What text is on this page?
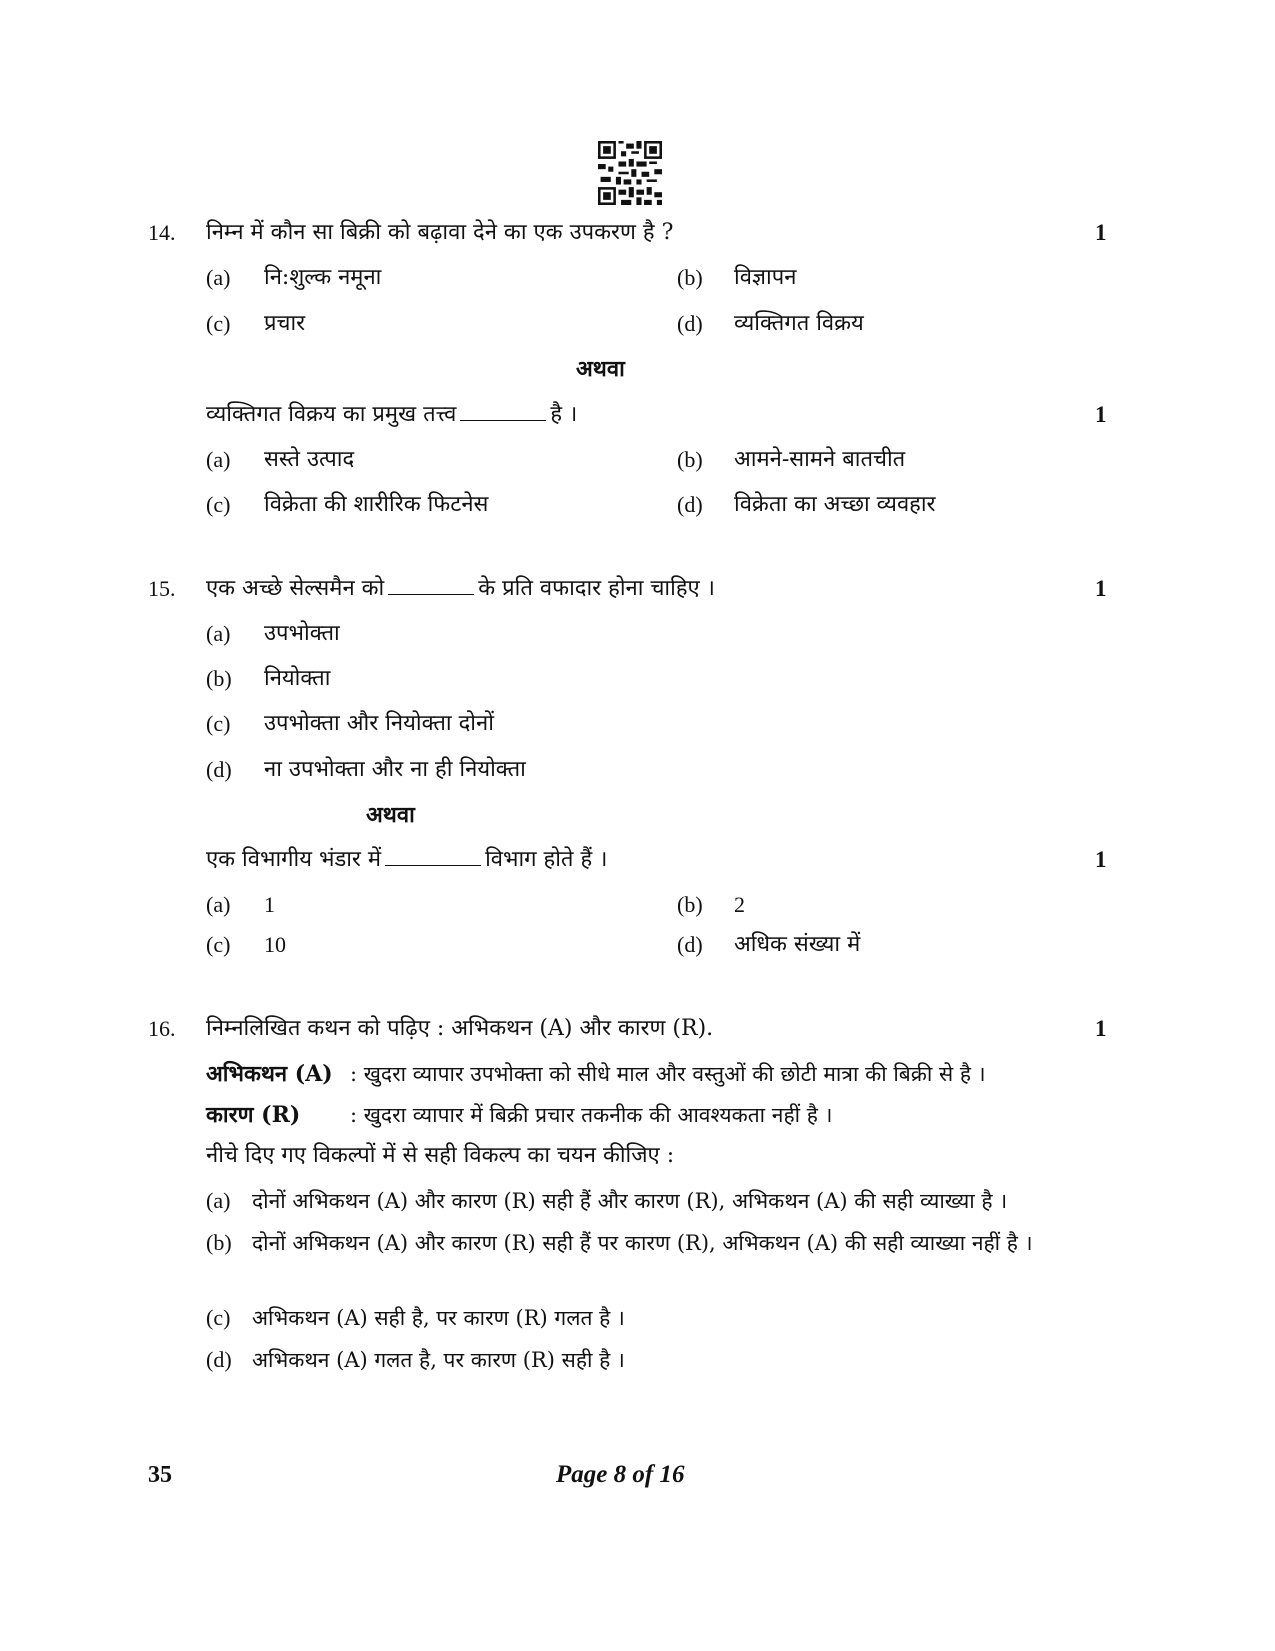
14. निम्न में कौन सा बिक्री को बढ़ावा देने का एक उपकरण है ?	1
(a) नि:शुल्क नमूना	(b) विज्ञापन
(c) प्रचार	(d) व्यक्तिगत विक्रय
अथवा
व्यक्तिगत विक्रय का प्रमुख तत्त्व	है ।	1
(a) सस्ते उत्पाद	(b) आमने-सामने बातचीत
(c) विक्रेता की शारीरिक फिटनेस	(d) विक्रेता का अच्छा व्यवहार
15. एक अच्छे सेल्समैन को	के प्रति वफादार होना चाहिए ।	1
(a) उपभोक्ता
(b) नियोक्ता
(c) उपभोक्ता और नियोक्ता दोनों
(d) ना उपभोक्ता और ना ही नियोक्ता
अथवा
एक विभागीय भंडार में	विभाग होते हैं ।	1
(a) 1	(b) 2
(c) 10	(d) अधिक संख्या में
16. निम्नलिखित कथन को पढ़िए : अभिकथन (A) और कारण (R).	1
अभिकथन (A) : खुदरा व्यापार उपभोक्ता को सीधे माल और वस्तुओं की छोटी मात्रा की बिक्री से है ।
कारण (R) : खुदरा व्यापार में बिक्री प्रचार तकनीक की आवश्यकता नहीं है ।
नीचे दिए गए विकल्पों में से सही विकल्प का चयन कीजिए :
(a) दोनों अभिकथन (A) और कारण (R) सही हैं और कारण (R), अभिकथन (A) की सही व्याख्या है ।
(b) दोनों अभिकथन (A) और कारण (R) सही हैं पर कारण (R), अभिकथन (A) की सही व्याख्या नहीं है ।
(c) अभिकथन (A) सही है, पर कारण (R) गलत है ।
(d) अभिकथन (A) गलत है, पर कारण (R) सही है ।
35	Page 8 of 16
